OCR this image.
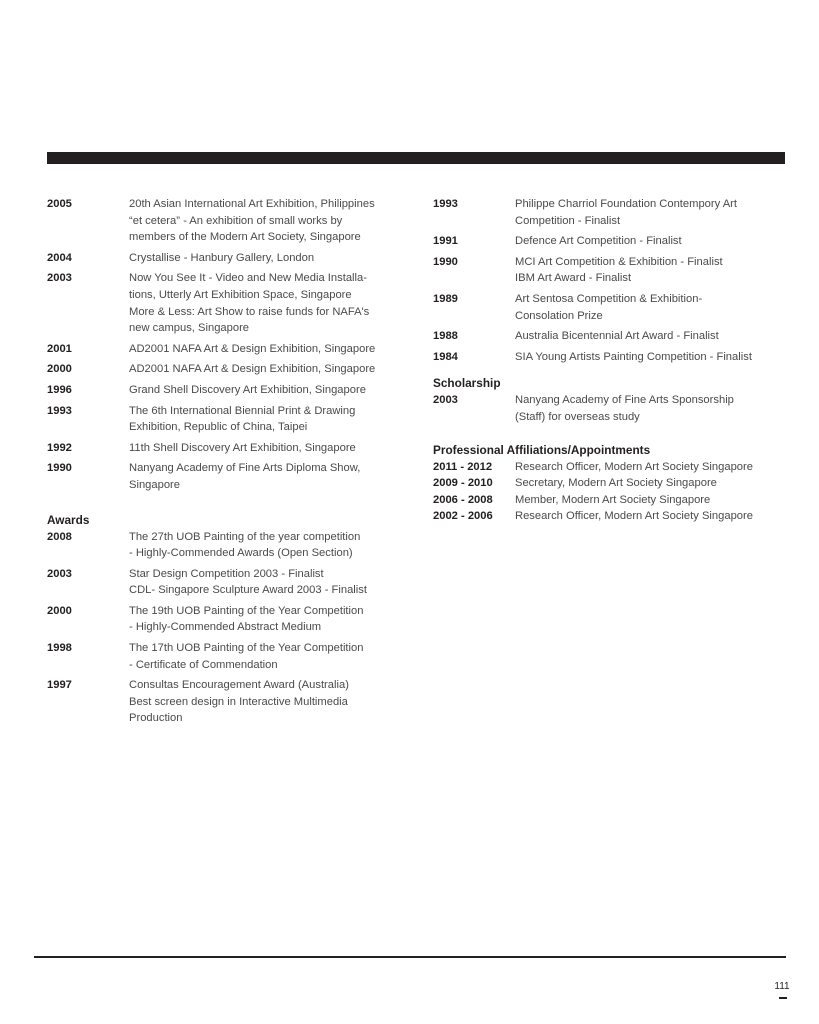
2005	20th Asian International Art Exhibition, Philippines
“et cetera” - An exhibition of small works by
members of the Modern Art Society, Singapore
2004	Crystallise - Hanbury Gallery, London
2003	Now You See It - Video and New Media Installa-
tions, Utterly Art Exhibition Space, Singapore
More & Less: Art Show to raise funds for NAFA's
new campus, Singapore
2001	AD2001 NAFA Art & Design Exhibition, Singapore
2000	AD2001 NAFA Art & Design Exhibition, Singapore
1996	Grand Shell Discovery Art Exhibition, Singapore
1993	The 6th International Biennial Print & Drawing
Exhibition, Republic of China, Taipei
1992	11th Shell Discovery Art Exhibition, Singapore
1990	Nanyang Academy of Fine Arts Diploma Show,
Singapore
Awards
2008	The 27th UOB Painting of the year competition
- Highly-Commended Awards (Open Section)
2003	Star Design Competition 2003 - Finalist
CDL- Singapore Sculpture Award 2003 - Finalist
2000	The 19th UOB Painting of the Year Competition
- Highly-Commended Abstract Medium
1998	The 17th UOB Painting of the Year Competition
- Certificate of Commendation
1997	Consultas Encouragement Award (Australia)
Best screen design in Interactive Multimedia
Production
1993	Philippe Charriol Foundation Contempory Art
Competition - Finalist
1991	Defence Art Competition - Finalist
1990	MCI Art Competition & Exhibition - Finalist
IBM Art Award - Finalist
1989	Art Sentosa Competition & Exhibition-
Consolation Prize
1988	Australia Bicentennial Art Award - Finalist
1984	SIA Young Artists Painting Competition - Finalist
Scholarship
2003	Nanyang Academy of Fine Arts Sponsorship
(Staff) for overseas study
Professional Affiliations/Appointments
2011 - 2012	Research Officer, Modern Art Society Singapore
2009 - 2010	Secretary, Modern Art Society Singapore
2006 - 2008	Member, Modern Art Society Singapore
2002 - 2006	Research Officer, Modern Art Society Singapore
111
